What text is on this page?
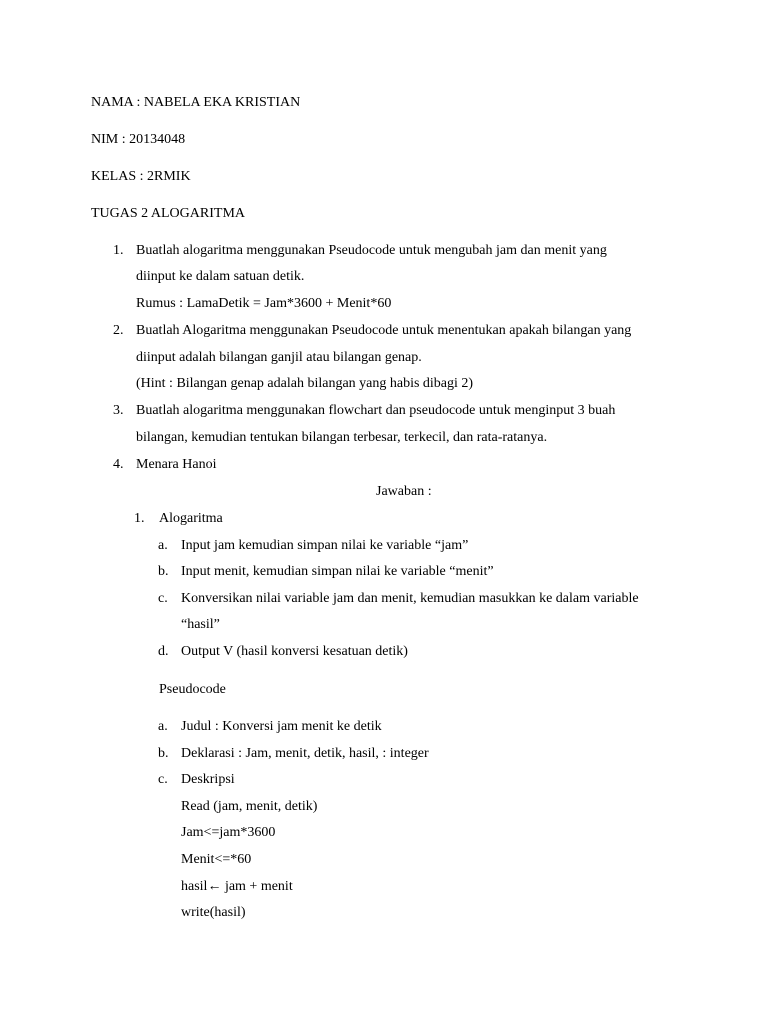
NAMA : NABELA EKA KRISTIAN
NIM : 20134048
KELAS : 2RMIK
TUGAS 2 ALOGARITMA
1. Buatlah alogaritma menggunakan Pseudocode untuk mengubah jam dan menit yang
diinput ke dalam satuan detik.
Rumus : LamaDetik = Jam*3600 + Menit*60
2. Buatlah Alogaritma menggunakan Pseudocode untuk menentukan apakah bilangan yang
diinput adalah bilangan ganjil atau bilangan genap.
(Hint : Bilangan genap adalah bilangan yang habis dibagi 2)
3. Buatlah alogaritma menggunakan flowchart dan pseudocode untuk menginput 3 buah
bilangan, kemudian tentukan bilangan terbesar, terkecil, dan rata-ratanya.
4. Menara Hanoi
Jawaban :
1. Alogaritma
a. Input jam kemudian simpan nilai ke variable “jam”
b. Input menit, kemudian simpan nilai ke variable “menit”
c. Konversikan nilai variable jam dan menit, kemudian masukkan ke dalam variable
“hasil”
d. Output V (hasil konversi kesatuan detik)
Pseudocode
a. Judul : Konversi jam menit ke detik
b. Deklarasi : Jam, menit, detik, hasil, : integer
c. Deskripsi
Read (jam, menit, detik)
Jam<=jam*3600
Menit<=*60
hasil← jam + menit
write(hasil)
